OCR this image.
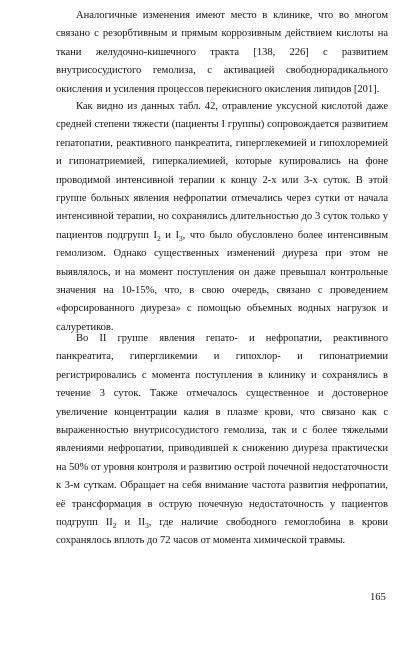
Аналогичные изменения имеют место в клинике, что во многом связано с резорбтивным и прямым коррозивным действием кислоты на ткани желудочно-кишечного тракта [138, 226] с развитием внутрисосудистого гемолиза, с активацией свободнорадикального окисления и усиления процессов перекисного окисления липидов [201].

Как видно из данных табл. 42, отравление уксусной кислотой даже средней степени тяжести (пациенты I группы) сопровождается развитием гепатопатии, реактивного панкреатита, гиперглекемией и гипохлоремией и гипонатриемией, гиперкалиемией, которые купировались на фоне проводимой интенсивной терапии к концу 2-х или 3-х суток. В этой группе больных явления нефропатии отмечались через сутки от начала интенсивной терапии, но сохранялись длительностью до 3 суток только у пациентов подгрупп $I_2$ и $I_3$, что было обусловлено более интенсивным гемолизом. Однако существенных изменений диуреза при этом не выявлялось, и на момент поступления он даже превышал контрольные значения на 10-15%, что, в свою очередь, связано с проведением «форсированного диуреза» с помощью объемных водных нагрузок и салуретиков.

Во II группе явления гепато- и нефропатии, реактивного панкреатита, гипергликемии и гипохлор- и гипонатриемии регистрировались с момента поступления в клинику и сохранялись в течение 3 суток. Также отмечалось существенное и достоверное увеличение концентрации калия в плазме крови, что связано как с выраженностью внутрисосудистого гемолиза, так и с более тяжелыми явлениями нефропатии, приводившей к снижению диуреза практически на 50% от уровня контроля и развитию острой почечной недостаточности к 3-м суткам. Обращает на себя внимание частота развития нефропатии, её трансформация в острую почечную недостаточность у пациентов подгрупп $II_2$ и $II_3$, где наличие свободного гемоглобина в крови сохранялось вплоть до 72 часов от момента химической травмы.

165
